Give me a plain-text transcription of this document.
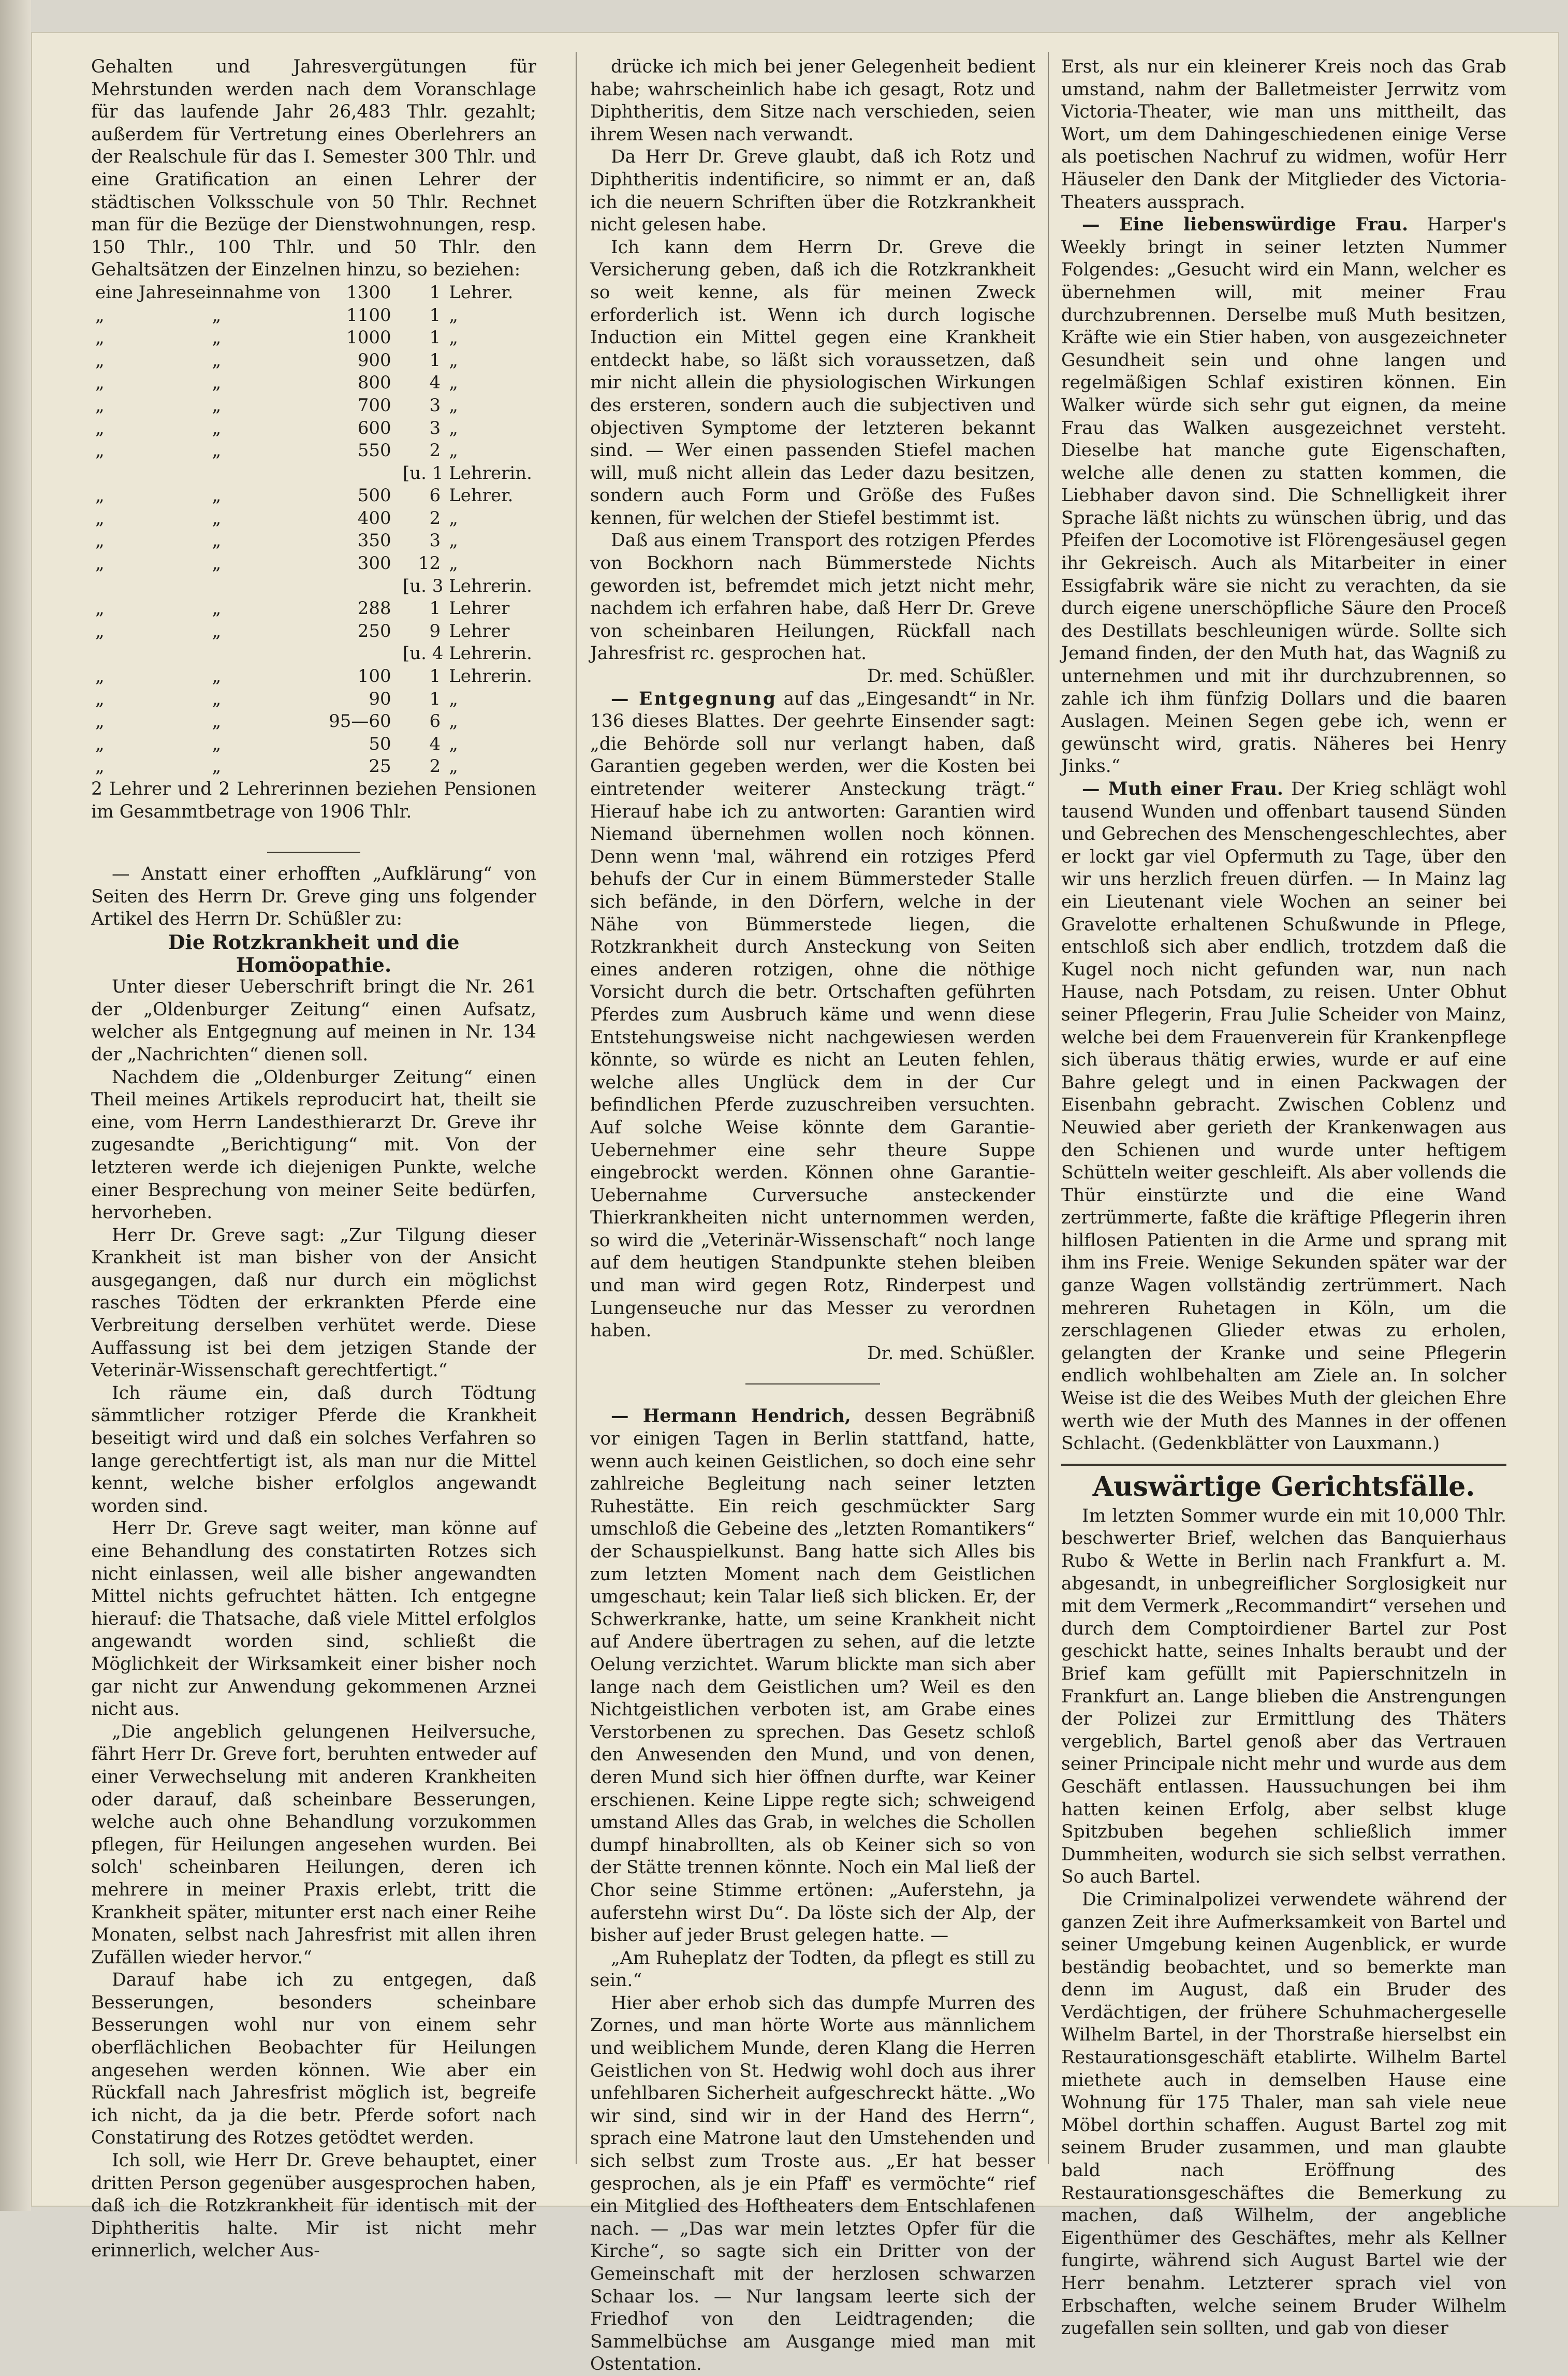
Gehalten und Jahresvergütungen für Mehrstunden werden nach dem Voranschlage für das laufende Jahr 26,483 Thlr. gezahlt; außerdem für Vertretung eines Oberlehrers an der Realschule für das I. Semester 300 Thlr. und eine Gratification an einen Lehrer der städtischen Volksschule von 50 Thlr. Rechnet man für die Bezüge der Dienstwohnungen, resp. 150 Thlr., 100 Thlr. und 50 Thlr. den Gehaltsätzen der Einzelnen hinzu, so beziehen:

eine Jahreseinnahme von		1300	1	Lehrer.
„	„	1100	1	„
„	„	1000	1	„
„	„	900	1	„
„	„	800	4	„
„	„	700	3	„
„	„	600	3	„
„	„	550	2	„
[u. 1 Lehrerin.				
„	„	500	6	Lehrer.
„	„	400	2	„
„	„	350	3	„
„	„	300	12	„
[u. 3 Lehrerin.				
„	„	288	1	Lehrer
„	„	250	9	Lehrer
[u. 4 Lehrerin.				
„	„	100	1	Lehrerin.
„	„	90	1	„
„	„	95—60	6	„
„	„	50	4	„
„	„	25	2	„

2 Lehrer und 2 Lehrerinnen beziehen Pensionen im Gesammtbetrage von 1906 Thlr.

— Anstatt einer erhofften „Aufklärung“ von Seiten des Herrn Dr. Greve ging uns folgender Artikel des Herrn Dr. Schüßler zu:

Die Rotzkrankheit und die Homöopathie.

Unter dieser Ueberschrift bringt die Nr. 261 der „Oldenburger Zeitung“ einen Aufsatz, welcher als Entgegnung auf meinen in Nr. 134 der „Nachrichten“ dienen soll.

Nachdem die „Oldenburger Zeitung“ einen Theil meines Artikels reproducirt hat, theilt sie eine, vom Herrn Landesthierarzt Dr. Greve ihr zugesandte „Berichtigung“ mit. Von der letzteren werde ich diejenigen Punkte, welche einer Besprechung von meiner Seite bedürfen, hervorheben.

Herr Dr. Greve sagt: „Zur Tilgung dieser Krankheit ist man bisher von der Ansicht ausgegangen, daß nur durch ein möglichst rasches Tödten der erkrankten Pferde eine Verbreitung derselben verhütet werde. Diese Auffassung ist bei dem jetzigen Stande der Veterinär-Wissenschaft gerechtfertigt.“

Ich räume ein, daß durch Tödtung sämmtlicher rotziger Pferde die Krankheit beseitigt wird und daß ein solches Verfahren so lange gerechtfertigt ist, als man nur die Mittel kennt, welche bisher erfolglos angewandt worden sind.

Herr Dr. Greve sagt weiter, man könne auf eine Behandlung des constatirten Rotzes sich nicht einlassen, weil alle bisher angewandten Mittel nichts gefruchtet hätten. Ich entgegne hierauf: die Thatsache, daß viele Mittel erfolglos angewandt worden sind, schließt die Möglichkeit der Wirksamkeit einer bisher noch gar nicht zur Anwendung gekommenen Arznei nicht aus.

„Die angeblich gelungenen Heilversuche, fährt Herr Dr. Greve fort, beruhten entweder auf einer Verwechselung mit anderen Krankheiten oder darauf, daß scheinbare Besserungen, welche auch ohne Behandlung vorzukommen pflegen, für Heilungen angesehen wurden. Bei solch' scheinbaren Heilungen, deren ich mehrere in meiner Praxis erlebt, tritt die Krankheit später, mitunter erst nach einer Reihe Monaten, selbst nach Jahresfrist mit allen ihren Zufällen wieder hervor.“

Darauf habe ich zu entgegen, daß Besserungen, besonders scheinbare Besserungen wohl nur von einem sehr oberflächlichen Beobachter für Heilungen angesehen werden können. Wie aber ein Rückfall nach Jahresfrist möglich ist, begreife ich nicht, da ja die betr. Pferde sofort nach Constatirung des Rotzes getödtet werden.

Ich soll, wie Herr Dr. Greve behauptet, einer dritten Person gegenüber ausgesprochen haben, daß ich die Rotzkrankheit für identisch mit der Diphtheritis halte. Mir ist nicht mehr erinnerlich, welcher Aus-

drücke ich mich bei jener Gelegenheit bedient habe; wahrscheinlich habe ich gesagt, Rotz und Diphtheritis, dem Sitze nach verschieden, seien ihrem Wesen nach verwandt.

Da Herr Dr. Greve glaubt, daß ich Rotz und Diphtheritis indentificire, so nimmt er an, daß ich die neuern Schriften über die Rotzkrankheit nicht gelesen habe.

Ich kann dem Herrn Dr. Greve die Versicherung geben, daß ich die Rotzkrankheit so weit kenne, als für meinen Zweck erforderlich ist. Wenn ich durch logische Induction ein Mittel gegen eine Krankheit entdeckt habe, so läßt sich voraussetzen, daß mir nicht allein die physiologischen Wirkungen des ersteren, sondern auch die subjectiven und objectiven Symptome der letzteren bekannt sind. — Wer einen passenden Stiefel machen will, muß nicht allein das Leder dazu besitzen, sondern auch Form und Größe des Fußes kennen, für welchen der Stiefel bestimmt ist.

Daß aus einem Transport des rotzigen Pferdes von Bockhorn nach Bümmerstede Nichts geworden ist, befremdet mich jetzt nicht mehr, nachdem ich erfahren habe, daß Herr Dr. Greve von scheinbaren Heilungen, Rückfall nach Jahresfrist rc. gesprochen hat.

Dr. med. Schüßler.

— Entgegnung auf das „Eingesandt“ in Nr. 136 dieses Blattes. Der geehrte Einsender sagt: „die Behörde soll nur verlangt haben, daß Garantien gegeben werden, wer die Kosten bei eintretender weiterer Ansteckung trägt.“ Hierauf habe ich zu antworten: Garantien wird Niemand übernehmen wollen noch können. Denn wenn 'mal, während ein rotziges Pferd behufs der Cur in einem Bümmersteder Stalle sich befände, in den Dörfern, welche in der Nähe von Bümmerstede liegen, die Rotzkrankheit durch Ansteckung von Seiten eines anderen rotzigen, ohne die nöthige Vorsicht durch die betr. Ortschaften geführten Pferdes zum Ausbruch käme und wenn diese Entstehungsweise nicht nachgewiesen werden könnte, so würde es nicht an Leuten fehlen, welche alles Unglück dem in der Cur befindlichen Pferde zuzuschreiben versuchten. Auf solche Weise könnte dem Garantie-Uebernehmer eine sehr theure Suppe eingebrockt werden. Können ohne Garantie-Uebernahme Curversuche ansteckender Thierkrankheiten nicht unternommen werden, so wird die „Veterinär-Wissenschaft“ noch lange auf dem heutigen Standpunkte stehen bleiben und man wird gegen Rotz, Rinderpest und Lungenseuche nur das Messer zu verordnen haben.

Dr. med. Schüßler.

— Hermann Hendrich, dessen Begräbniß vor einigen Tagen in Berlin stattfand, hatte, wenn auch keinen Geistlichen, so doch eine sehr zahlreiche Begleitung nach seiner letzten Ruhestätte. Ein reich geschmückter Sarg umschloß die Gebeine des „letzten Romantikers“ der Schauspielkunst. Bang hatte sich Alles bis zum letzten Moment nach dem Geistlichen umgeschaut; kein Talar ließ sich blicken. Er, der Schwerkranke, hatte, um seine Krankheit nicht auf Andere übertragen zu sehen, auf die letzte Oelung verzichtet. Warum blickte man sich aber lange nach dem Geistlichen um? Weil es den Nichtgeistlichen verboten ist, am Grabe eines Verstorbenen zu sprechen. Das Gesetz schloß den Anwesenden den Mund, und von denen, deren Mund sich hier öffnen durfte, war Keiner erschienen. Keine Lippe regte sich; schweigend umstand Alles das Grab, in welches die Schollen dumpf hinabrollten, als ob Keiner sich so von der Stätte trennen könnte. Noch ein Mal ließ der Chor seine Stimme ertönen: „Auferstehn, ja auferstehn wirst Du“. Da löste sich der Alp, der bisher auf jeder Brust gelegen hatte. —

„Am Ruheplatz der Todten, da pflegt es still zu sein.“

Hier aber erhob sich das dumpfe Murren des Zornes, und man hörte Worte aus männlichem und weiblichem Munde, deren Klang die Herren Geistlichen von St. Hedwig wohl doch aus ihrer unfehlbaren Sicherheit aufgeschreckt hätte. „Wo wir sind, sind wir in der Hand des Herrn“, sprach eine Matrone laut den Umstehenden und sich selbst zum Troste aus. „Er hat besser gesprochen, als je ein Pfaff' es vermöchte“ rief ein Mitglied des Hoftheaters dem Entschlafenen nach. — „Das war mein letztes Opfer für die Kirche“, so sagte sich ein Dritter von der Gemeinschaft mit der herzlosen schwarzen Schaar los. — Nur langsam leerte sich der Friedhof von den Leidtragenden; die Sammelbüchse am Ausgange mied man mit Ostentation.

Erst, als nur ein kleinerer Kreis noch das Grab umstand, nahm der Balletmeister Jerrwitz vom Victoria-Theater, wie man uns mittheilt, das Wort, um dem Dahingeschiedenen einige Verse als poetischen Nachruf zu widmen, wofür Herr Häuseler den Dank der Mitglieder des Victoria-Theaters aussprach.

— Eine liebenswürdige Frau. Harper's Weekly bringt in seiner letzten Nummer Folgendes: „Gesucht wird ein Mann, welcher es übernehmen will, mit meiner Frau durchzubrennen. Derselbe muß Muth besitzen, Kräfte wie ein Stier haben, von ausgezeichneter Gesundheit sein und ohne langen und regelmäßigen Schlaf existiren können. Ein Walker würde sich sehr gut eignen, da meine Frau das Walken ausgezeichnet versteht. Dieselbe hat manche gute Eigenschaften, welche alle denen zu statten kommen, die Liebhaber davon sind. Die Schnelligkeit ihrer Sprache läßt nichts zu wünschen übrig, und das Pfeifen der Locomotive ist Flörengesäusel gegen ihr Gekreisch. Auch als Mitarbeiter in einer Essigfabrik wäre sie nicht zu verachten, da sie durch eigene unerschöpfliche Säure den Proceß des Destillats beschleunigen würde. Sollte sich Jemand finden, der den Muth hat, das Wagniß zu unternehmen und mit ihr durchzubrennen, so zahle ich ihm fünfzig Dollars und die baaren Auslagen. Meinen Segen gebe ich, wenn er gewünscht wird, gratis. Näheres bei Henry Jinks.“

— Muth einer Frau. Der Krieg schlägt wohl tausend Wunden und offenbart tausend Sünden und Gebrechen des Menschengeschlechtes, aber er lockt gar viel Opfermuth zu Tage, über den wir uns herzlich freuen dürfen. — In Mainz lag ein Lieutenant viele Wochen an seiner bei Gravelotte erhaltenen Schußwunde in Pflege, entschloß sich aber endlich, trotzdem daß die Kugel noch nicht gefunden war, nun nach Hause, nach Potsdam, zu reisen. Unter Obhut seiner Pflegerin, Frau Julie Scheider von Mainz, welche bei dem Frauenverein für Krankenpflege sich überaus thätig erwies, wurde er auf eine Bahre gelegt und in einen Packwagen der Eisenbahn gebracht. Zwischen Coblenz und Neuwied aber gerieth der Krankenwagen aus den Schienen und wurde unter heftigem Schütteln weiter geschleift. Als aber vollends die Thür einstürzte und die eine Wand zertrümmerte, faßte die kräftige Pflegerin ihren hilflosen Patienten in die Arme und sprang mit ihm ins Freie. Wenige Sekunden später war der ganze Wagen vollständig zertrümmert. Nach mehreren Ruhetagen in Köln, um die zerschlagenen Glieder etwas zu erholen, gelangten der Kranke und seine Pflegerin endlich wohlbehalten am Ziele an. In solcher Weise ist die des Weibes Muth der gleichen Ehre werth wie der Muth des Mannes in der offenen Schlacht. (Gedenkblätter von Lauxmann.)

Auswärtige Gerichtsfälle.

Im letzten Sommer wurde ein mit 10,000 Thlr. beschwerter Brief, welchen das Banquierhaus Rubo & Wette in Berlin nach Frankfurt a. M. abgesandt, in unbegreiflicher Sorglosigkeit nur mit dem Vermerk „Recommandirt“ versehen und durch dem Comptoirdiener Bartel zur Post geschickt hatte, seines Inhalts beraubt und der Brief kam gefüllt mit Papierschnitzeln in Frankfurt an. Lange blieben die Anstrengungen der Polizei zur Ermittlung des Thäters vergeblich, Bartel genoß aber das Vertrauen seiner Principale nicht mehr und wurde aus dem Geschäft entlassen. Haussuchungen bei ihm hatten keinen Erfolg, aber selbst kluge Spitzbuben begehen schließlich immer Dummheiten, wodurch sie sich selbst verrathen. So auch Bartel.

Die Criminalpolizei verwendete während der ganzen Zeit ihre Aufmerksamkeit von Bartel und seiner Umgebung keinen Augenblick, er wurde beständig beobachtet, und so bemerkte man denn im August, daß ein Bruder des Verdächtigen, der frühere Schuhmachergeselle Wilhelm Bartel, in der Thorstraße hierselbst ein Restaurationsgeschäft etablirte. Wilhelm Bartel miethete auch in demselben Hause eine Wohnung für 175 Thaler, man sah viele neue Möbel dorthin schaffen. August Bartel zog mit seinem Bruder zusammen, und man glaubte bald nach Eröffnung des Restaurationsgeschäftes die Bemerkung zu machen, daß Wilhelm, der angebliche Eigenthümer des Geschäftes, mehr als Kellner fungirte, während sich August Bartel wie der Herr benahm. Letzterer sprach viel von Erbschaften, welche seinem Bruder Wilhelm zugefallen sein sollten, und gab von dieser
